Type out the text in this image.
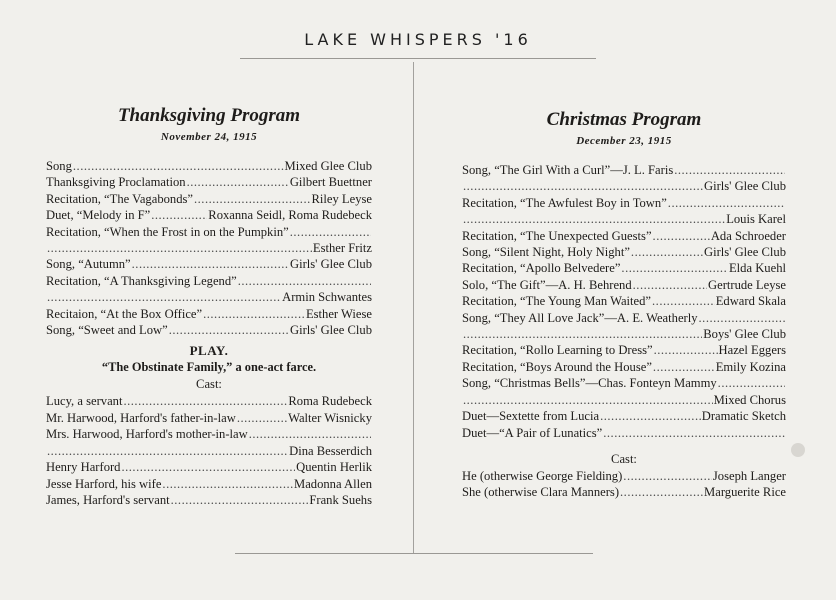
LAKE WHISPERS '16
Thanksgiving Program
November 24, 1915
Song .....	Mixed Glee Club
Thanksgiving Proclamation .....	Gilbert Buettner
Recitation, “The Vagabonds” .....	Riley Leyse
Duet, “Melody in F” .....	Roxanna Seidl, Roma Rudebeck
Recitation, “When the Frost in on the Pumpkin”
.....
.....
Esther Fritz
Song, “Autumn” .....	Girls' Glee Club
Recitation, “A Thanksgiving Legend”
.....
.....
Armin Schwantes
Recitaion, “At the Box Office” .....	Esther Wiese
Song, “Sweet and Low” .....	Girls' Glee Club
PLAY.
“The Obstinate Family,” a one-act farce.
Cast:
Lucy, a servant .....	Roma Rudebeck
Mr. Harwood, Harford's father-in-law .....	Walter Wisnicky
Mrs. Harwood, Harford's mother-in-law
.....
.....
Dina Besserdich
Henry Harford .....	Quentin Herlik
Jesse Harford, his wife .....	Madonna Allen
James, Harford's servant .....	Frank Suehs
Christmas Program
December 23, 1915
Song, “The Girl With a Curl”—J. L. Faris
.....
.....
Girls' Glee Club
Recitation, “The Awfulest Boy in Town”
.....
.....
Louis Karel
Recitation, “The Unexpected Guests” .....	Ada Schroeder
Song, “Silent Night, Holy Night” .....	Girls' Glee Club
Recitation, “Apollo Belvedere” .....	Elda Kuehl
Solo, “The Gift”—A. H. Behrend .....	Gertrude Leyse
Recitation, “The Young Man Waited” .....	Edward Skala
Song, “They All Love Jack”—A. E. Weatherly
.....
.....
Boys' Glee Club
Recitation, “Rollo Learning to Dress” .....	Hazel Eggers
Recitation, “Boys Around the House” .....	Emily Kozina
Song, “Christmas Bells”—Chas. Fonteyn Mammy
.....
.....
Mixed Chorus
Duet—Sextette from Lucia .....	Dramatic Sketch
Duet—“A Pair of Lunatics”
.....
Cast:
He (otherwise George Fielding) .....	Joseph Langer
She (otherwise Clara Manners) .....	Marguerite Rice
